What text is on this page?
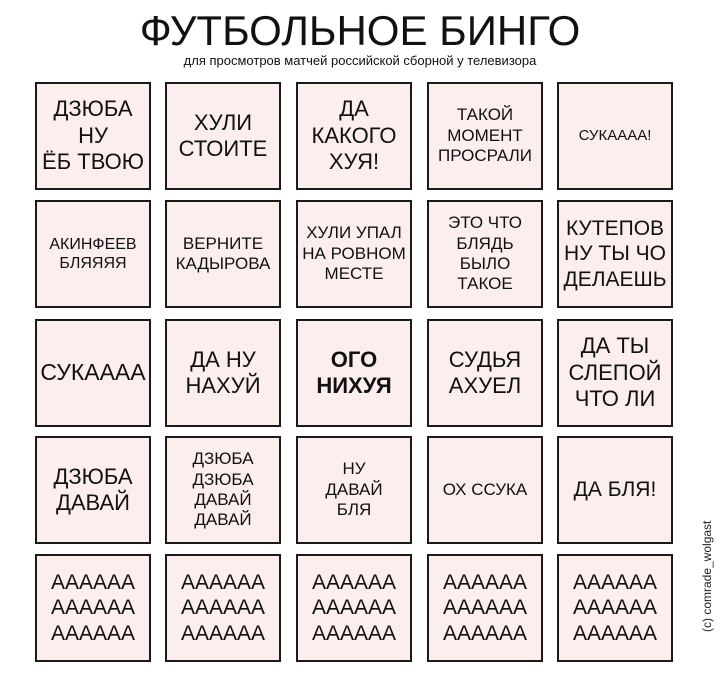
ФУТБОЛЬНОЕ БИНГО
для просмотров матчей российской сборной у телевизора
ДЗЮБА
НУ
ЁБ ТВОЮ
ХУЛИ
СТОИТЕ
ДА
КАКОГО
ХУЯ!
ТАКОЙ
МОМЕНТ
ПРОСРАЛИ
СУКАААА!
АКИНФЕЕВ
БЛЯЯЯЯ
ВЕРНИТЕ
КАДЫРОВА
ХУЛИ УПАЛ
НА РОВНОМ
МЕСТЕ
ЭТО ЧТО
БЛЯДЬ
БЫЛО
ТАКОЕ
КУТЕПОВ
НУ ТЫ ЧО
ДЕЛАЕШЬ
СУКАААА
ДА НУ
НАХУЙ
ОГО
НИХУЯ
СУДЬЯ
АХУЕЛ
ДА ТЫ
СЛЕПОЙ
ЧТО ЛИ
ДЗЮБА
ДАВАЙ
ДЗЮБА
ДЗЮБА
ДАВАЙ
ДАВАЙ
НУ
ДАВАЙ
БЛЯ
ОХ ССУКА ДА БЛЯ!
АААААА
АААААА
АААААА
АААААА
АААААА
АААААА
АААААА
АААААА
АААААА
АААААА
АААААА
АААААА
АААААА
АААААА
АААААА
(c) comrade_wolgast
